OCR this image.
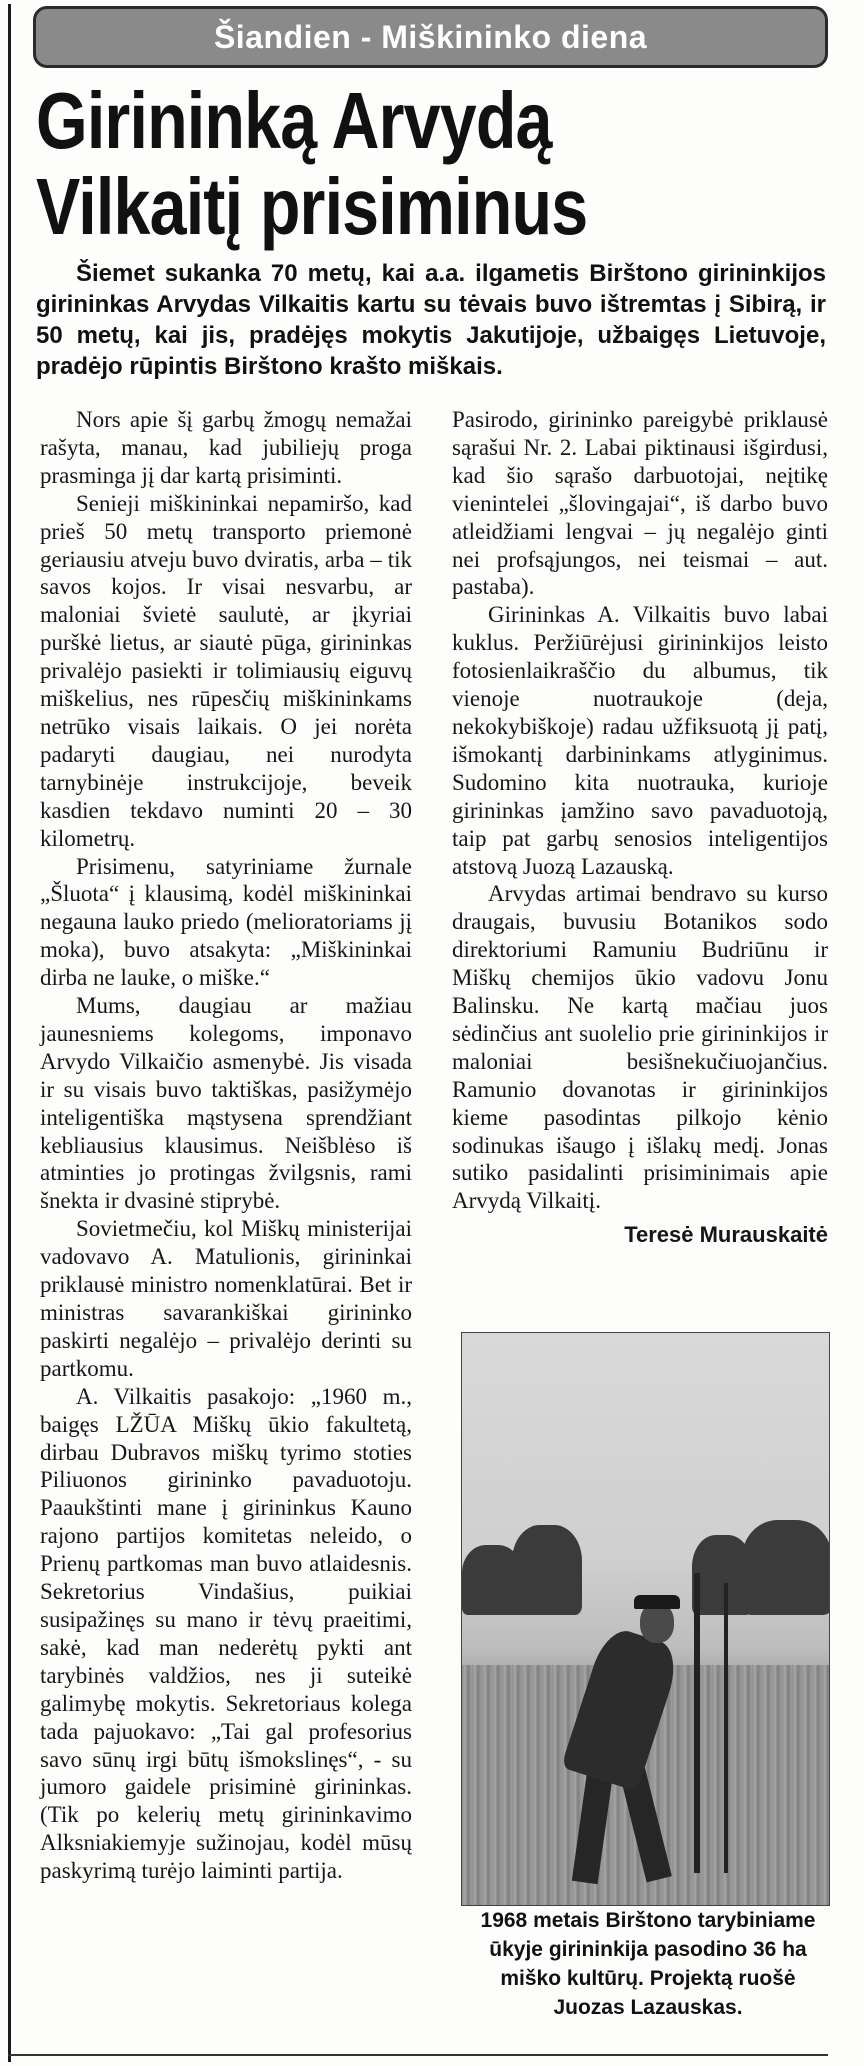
Šiandien - Miškininko diena
Girininką Arvydą
Vilkaitį prisiminus

Šiemet sukanka 70 metų, kai a.a. ilgametis Birštono girininkijos girininkas Arvydas Vilkaitis kartu su tėvais buvo ištremtas į Sibirą, ir 50 metų, kai jis, pradėjęs mokytis Jakutijoje, užbaigęs Lietuvoje, pradėjo rūpintis Birštono krašto miškais.

Nors apie šį garbų žmogų nemažai rašyta, manau, kad jubiliejų proga prasminga jį dar kartą prisiminti.

Senieji miškininkai nepamiršo, kad prieš 50 metų transporto priemonė geriausiu atveju buvo dviratis, arba – tik savos kojos. Ir visai nesvarbu, ar maloniai švietė saulutė, ar įkyriai purškė lietus, ar siautė pūga, girininkas privalėjo pasiekti ir tolimiausių eiguvų miškelius, nes rūpesčių miškininkams netrūko visais laikais. O jei norėta padaryti daugiau, nei nurodyta tarnybinėje instrukcijoje, beveik kasdien tekdavo numinti 20 – 30 kilometrų.

Prisimenu, satyriniame žurnale „Šluota“ į klausimą, kodėl miškininkai negauna lauko priedo (melioratoriams jį moka), buvo atsakyta: „Miškininkai dirba ne lauke, o miške.“

Mums, daugiau ar mažiau jaunesniems kolegoms, imponavo Arvydo Vilkaičio asmenybė. Jis visada ir su visais buvo taktiškas, pasižymėjo inteligentiška mąstysena sprendžiant kebliausius klausimus. Neišblėso iš atminties jo protingas žvilgsnis, rami šnekta ir dvasinė stiprybė.

Sovietmečiu, kol Miškų ministerijai vadovavo A. Matulionis, girininkai priklausė ministro nomenklatūrai. Bet ir ministras savarankiškai girininko paskirti negalėjo – privalėjo derinti su partkomu.

A. Vilkaitis pasakojo: „1960 m., baigęs LŽŪA Miškų ūkio fakultetą, dirbau Dubravos miškų tyrimo stoties Piliuonos girininko pavaduotoju. Paaukštinti mane į girininkus Kauno rajono partijos komitetas neleido, o Prienų partkomas man buvo atlaidesnis. Sekretorius Vindašius, puikiai susipažinęs su mano ir tėvų praeitimi, sakė, kad man nederėtų pykti ant tarybinės valdžios, nes ji suteikė galimybę mokytis. Sekretoriaus kolega tada pajuokavo: „Tai gal profesorius savo sūnų irgi būtų išmokslinęs“, - su jumoro gaidele prisiminė girininkas. (Tik po kelerių metų girininkavimo Alksniakiemyje sužinojau, kodėl mūsų paskyrimą turėjo laiminti partija.

Pasirodo, girininko pareigybė priklausė sąrašui Nr. 2. Labai piktinausi išgirdusi, kad šio sąrašo darbuotojai, neįtikę vienintelei „šlovingajai“, iš darbo buvo atleidžiami lengvai – jų negalėjo ginti nei profsąjungos, nei teismai – aut. pastaba).

Girininkas A. Vilkaitis buvo labai kuklus. Peržiūrėjusi girininkijos leisto fotosienlaikraščio du albumus, tik vienoje nuotraukoje (deja, nekokybiškoje) radau užfiksuotą jį patį, išmokantį darbininkams atlyginimus. Sudomino kita nuotrauka, kurioje girininkas įamžino savo pavaduotoją, taip pat garbų senosios inteligentijos atstovą Juozą Lazauską.

Arvydas artimai bendravo su kurso draugais, buvusiu Botanikos sodo direktoriumi Ramuniu Budriūnu ir Miškų chemijos ūkio vadovu Jonu Balinsku. Ne kartą mačiau juos sėdinčius ant suolelio prie girininkijos ir maloniai besišnekučiuojančius. Ramunio dovanotas ir girininkijos kieme pasodintas pilkojo kėnio sodinukas išaugo į išlakų medį. Jonas sutiko pasidalinti prisiminimais apie Arvydą Vilkaitį.

Teresė Murauskaitė

1968 metais Birštono tarybiniame ūkyje girininkija pasodino 36 ha miško kultūrų. Projektą ruošė Juozas Lazauskas.
